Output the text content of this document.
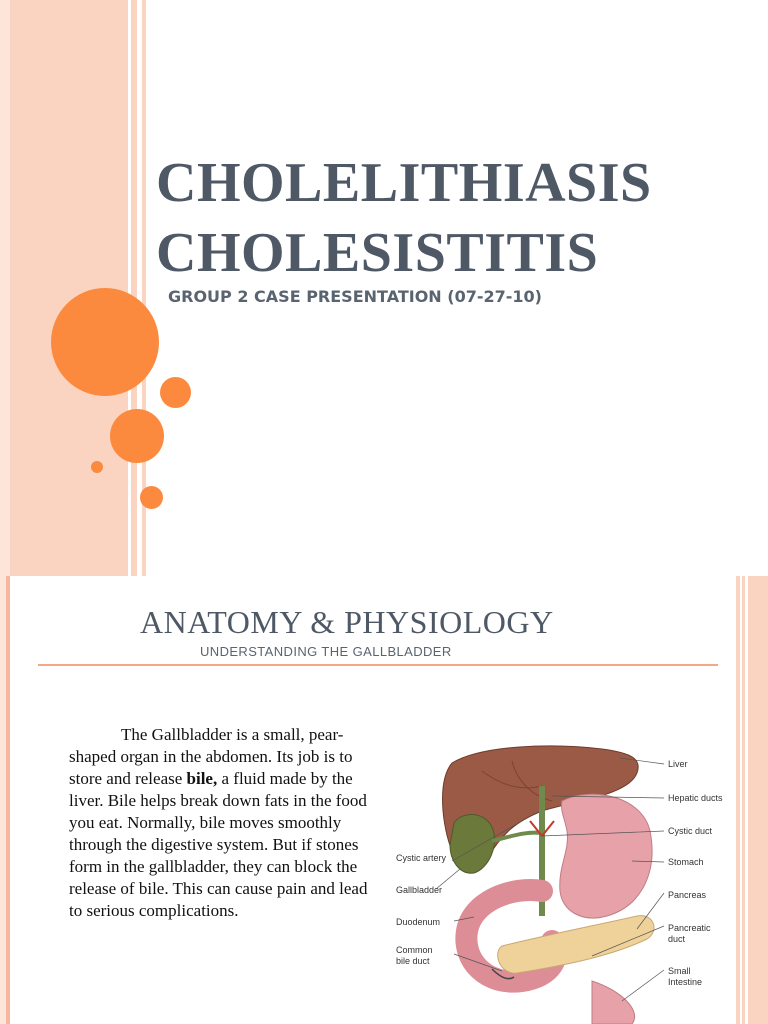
CHOLELITHIASIS
CHOLESISTITIS
GROUP 2 CASE PRESENTATION (07-27-10)
ANATOMY & PHYSIOLOGY
UNDERSTANDING THE GALLBLADDER
The Gallbladder is a small, pear-shaped organ in the abdomen. Its job is to store and release bile, a fluid made by the liver. Bile helps break down fats in the food you eat. Normally, bile moves smoothly through the digestive system. But if stones form in the gallbladder, they can block the release of bile. This can cause pain and lead to serious complications.
Liver
Hepatic ducts
Cystic duct
Stomach
Pancreas
Pancreatic duct
Small Intestine
Cystic artery
Gallbladder
Duodenum
Common bile duct
